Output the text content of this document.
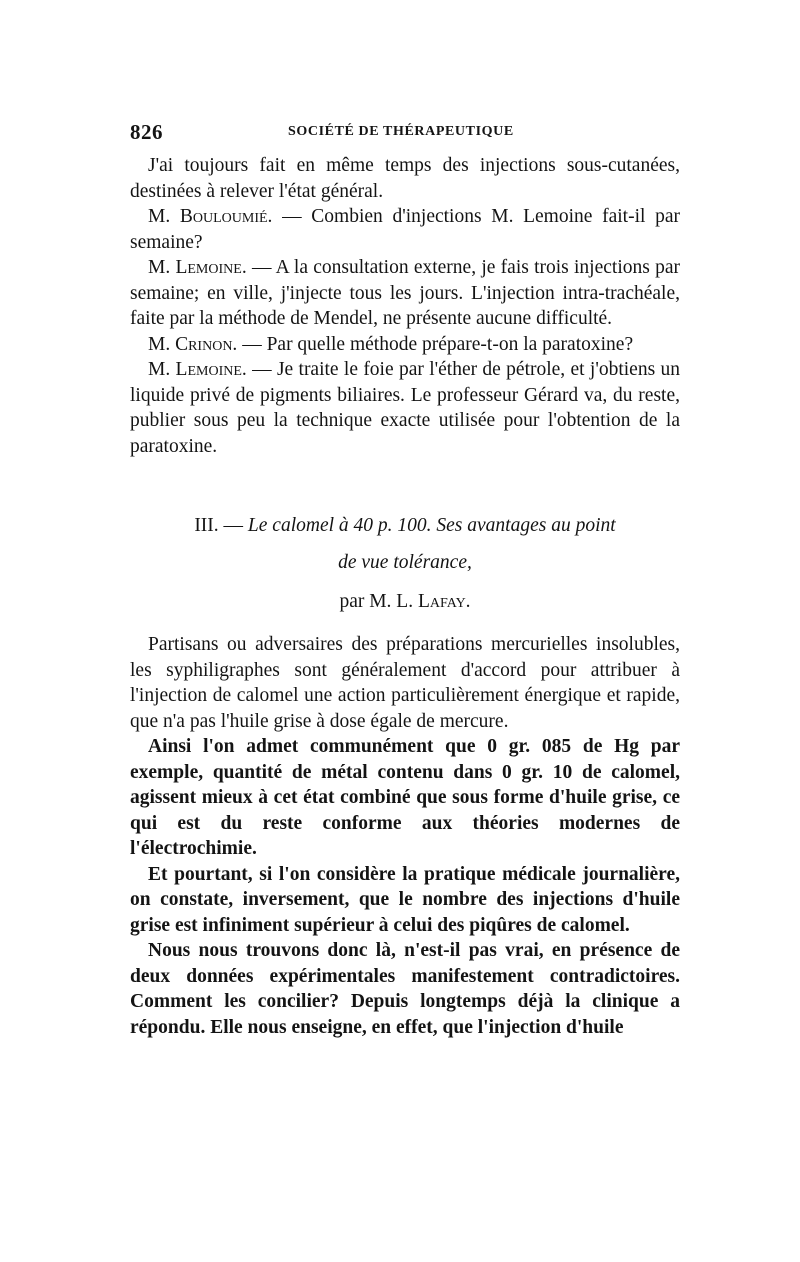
826	SOCIÉTÉ DE THÉRAPEUTIQUE

J'ai toujours fait en même temps des injections sous-cutanées, destinées à relever l'état général.

M. Bouloumié. — Combien d'injections M. Lemoine fait-il par semaine?

M. Lemoine. — A la consultation externe, je fais trois injections par semaine; en ville, j'injecte tous les jours. L'injection intra-trachéale, faite par la méthode de Mendel, ne présente aucune difficulté.

M. Crinon. — Par quelle méthode prépare-t-on la paratoxine?

M. Lemoine. — Je traite le foie par l'éther de pétrole, et j'obtiens un liquide privé de pigments biliaires. Le professeur Gérard va, du reste, publier sous peu la technique exacte utilisée pour l'obtention de la paratoxine.

III. — Le calomel à 40 p. 100. Ses avantages au point
de vue tolérance,
par M. L. Lafay.

Partisans ou adversaires des préparations mercurielles insolubles, les syphiligraphes sont généralement d'accord pour attribuer à l'injection de calomel une action particulièrement énergique et rapide, que n'a pas l'huile grise à dose égale de mercure.

Ainsi l'on admet communément que 0 gr. 085 de Hg par exemple, quantité de métal contenu dans 0 gr. 10 de calomel, agissent mieux à cet état combiné que sous forme d'huile grise, ce qui est du reste conforme aux théories modernes de l'électrochimie.

Et pourtant, si l'on considère la pratique médicale journalière, on constate, inversement, que le nombre des injections d'huile grise est infiniment supérieur à celui des piqûres de calomel.

Nous nous trouvons donc là, n'est-il pas vrai, en présence de deux données expérimentales manifestement contradictoires. Comment les concilier? Depuis longtemps déjà la clinique a répondu. Elle nous enseigne, en effet, que l'injection d'huile
